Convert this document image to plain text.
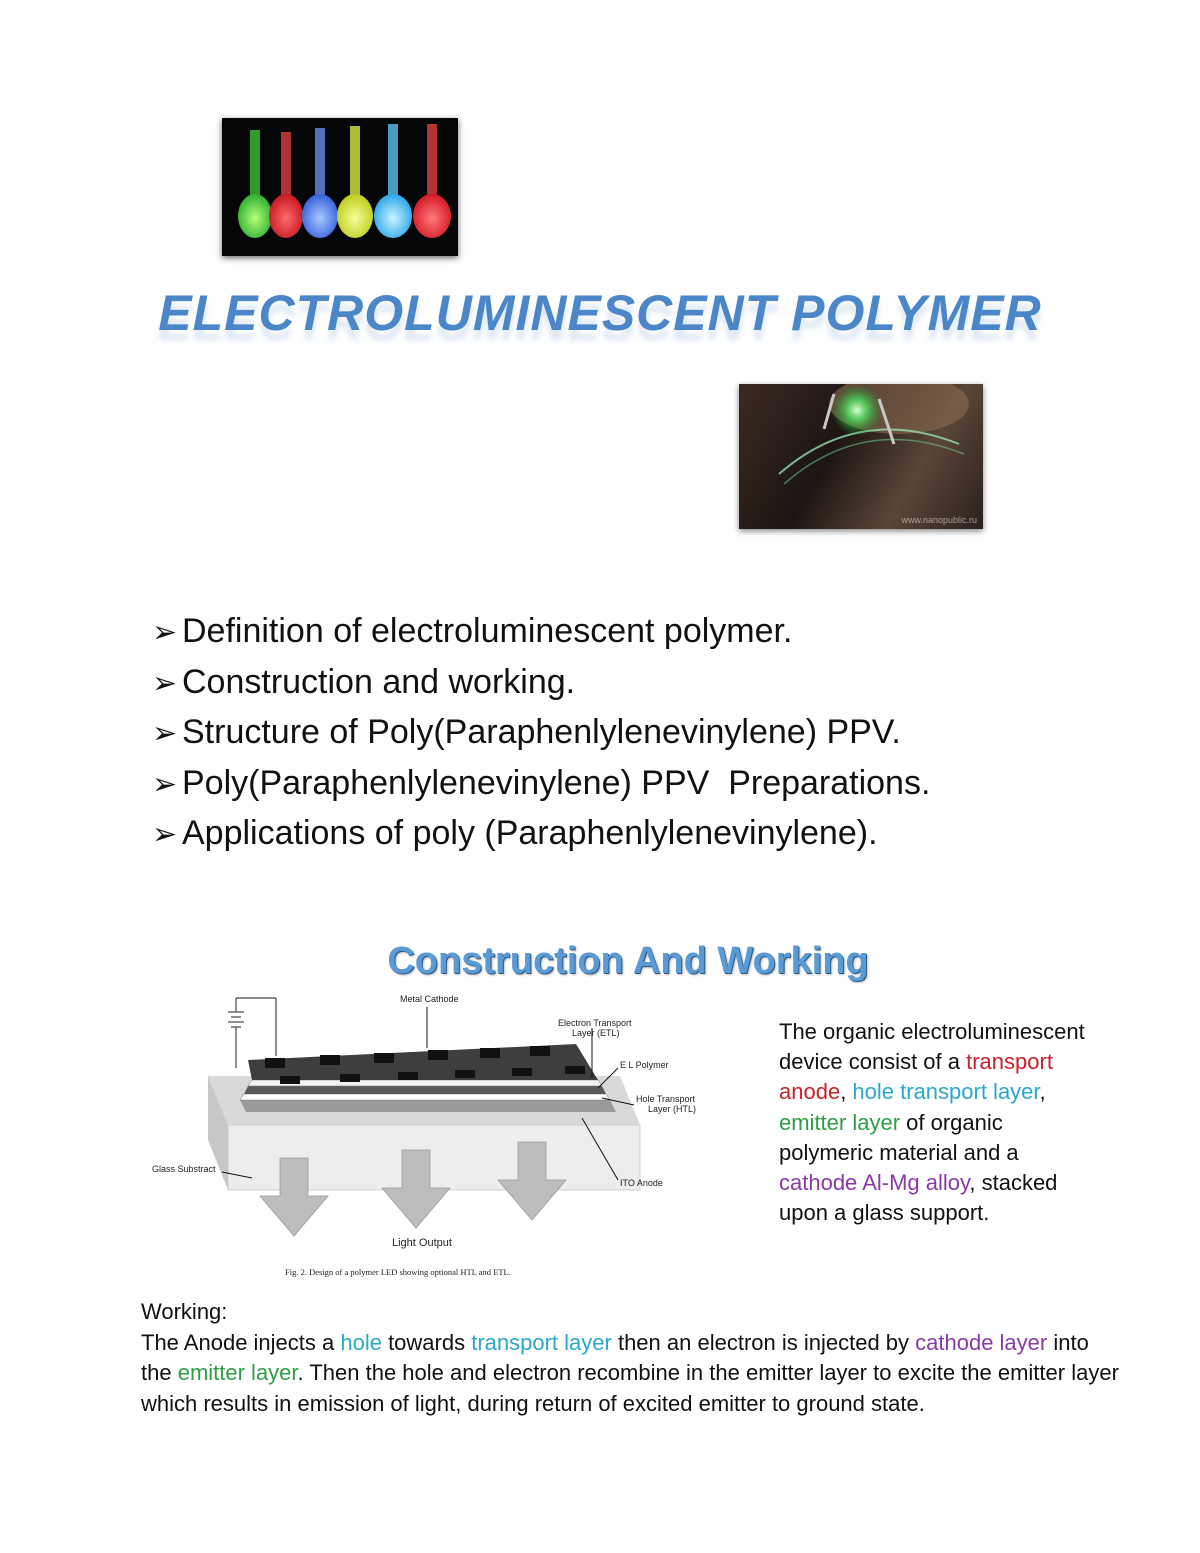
ELECTROLUMINESCENT POLYMER
www.nanopublic.ru
➢ Definition of electroluminescent polymer.
➢ Construction and working.
➢ Structure of Poly(Paraphenlylenevinylene) PPV.
➢ Poly(Paraphenlylenevinylene) PPV  Preparations.
➢ Applications of poly (Paraphenlylenevinylene).
Construction And Working
Metal Cathode
Electron Transport
Layer (ETL)
E L Polymer
Hole Transport
Layer (HTL)
Glass Substract
ITO Anode
Light Output
Fig. 2. Design of a polymer LED showing optional HTL and ETL.
The organic electroluminescent device consist of a transport anode, hole transport layer, emitter layer of organic polymeric material and a cathode Al-Mg alloy, stacked upon a glass support.
Working:
The Anode injects a hole towards transport layer then an electron is injected by cathode layer into the emitter layer. Then the hole and electron recombine in the emitter layer to excite the emitter layer which results in emission of light, during return of excited emitter to ground state.
